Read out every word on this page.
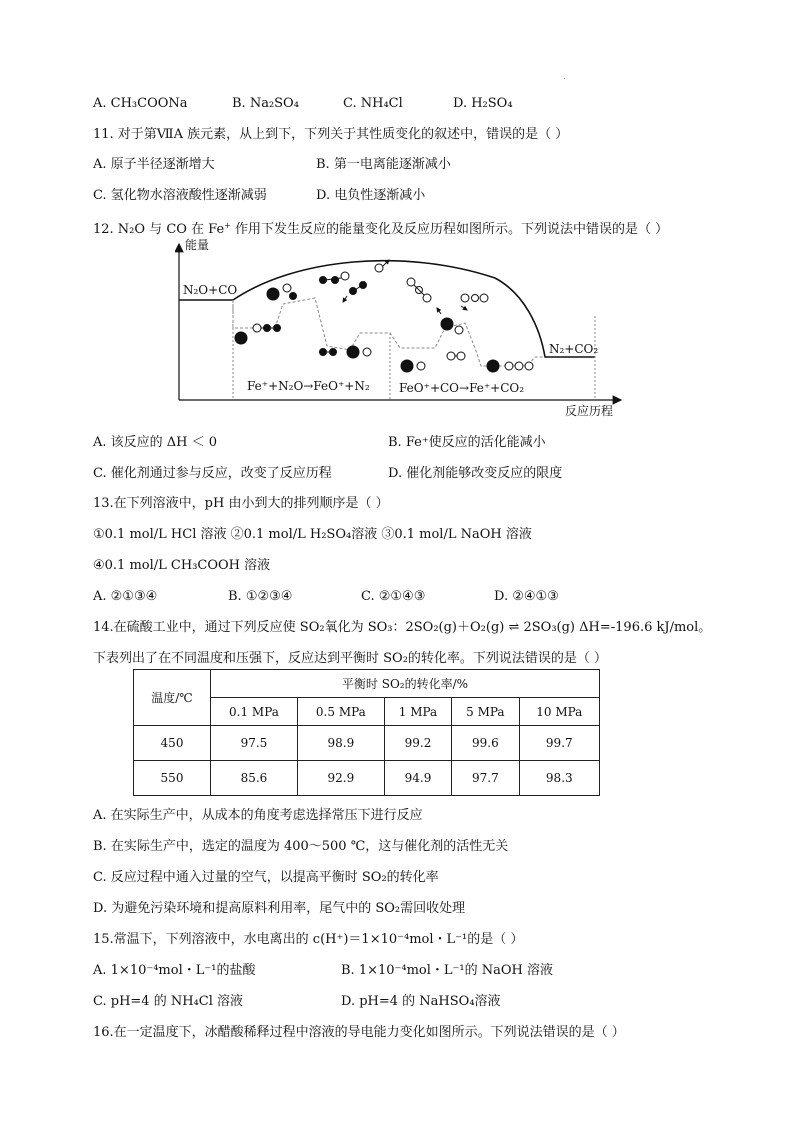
.
A. CH₃COONa	B. Na₂SO₄	C. NH₄Cl	D. H₂SO₄
11. 对于第ⅦA 族元素，从上到下，下列关于其性质变化的叙述中，错误的是（ ）
A. 原子半径逐渐增大	B. 第一电离能逐渐减小
C. 氢化物水溶液酸性逐渐减弱	D. 电负性逐渐减小
12. N₂O 与 CO 在 Fe+ 作用下发生反应的能量变化及反应历程如图所示。下列说法中错误的是（ ）
能量
N₂O+CO
N₂+CO₂
Fe⁺+N₂O→FeO⁺+N₂ FeO⁺+CO→Fe⁺+CO₂
反应历程
A. 该反应的 ΔH ＜ 0	B. Fe⁺使反应的活化能减小
C. 催化剂通过参与反应，改变了反应历程	D. 催化剂能够改变反应的限度
13.在下列溶液中，pH 由小到大的排列顺序是（ ）
①0.1 mol/L HCl 溶液 ②0.1 mol/L H₂SO₄溶液 ③0.1 mol/L NaOH 溶液
④0.1 mol/L CH₃COOH 溶液
A. ②①③④	B. ①②③④	C. ②①④③	D. ②④①③
14.在硫酸工业中，通过下列反应使 SO₂氧化为 SO₃：2SO₂(g)＋O₂(g) ⇌ 2SO₃(g) ΔH=-196.6 kJ/mol。
下表列出了在不同温度和压强下，反应达到平衡时 SO₂的转化率。下列说法错误的是（ ）
温度/℃	平衡时 SO₂的转化率/%				
	0.1 MPa	0.5 MPa	1 MPa	5 MPa	10 MPa
450	97.5	98.9	99.2	99.6	99.7
550	85.6	92.9	94.9	97.7	98.3
A. 在实际生产中，从成本的角度考虑选择常压下进行反应
B. 在实际生产中，选定的温度为 400～500 ℃，这与催化剂的活性无关
C. 反应过程中通入过量的空气，以提高平衡时 SO₂的转化率
D. 为避免污染环境和提高原料利用率，尾气中的 SO₂需回收处理
15.常温下，下列溶液中，水电离出的 c(H⁺)＝1×10⁻⁴mol・L⁻¹的是（ ）
A. 1×10⁻⁴mol・L⁻¹的盐酸	B. 1×10⁻⁴mol・L⁻¹的 NaOH 溶液
C. pH=4 的 NH₄Cl 溶液	D. pH=4 的 NaHSO₄溶液
16.在一定温度下，冰醋酸稀释过程中溶液的导电能力变化如图所示。下列说法错误的是（ ）
